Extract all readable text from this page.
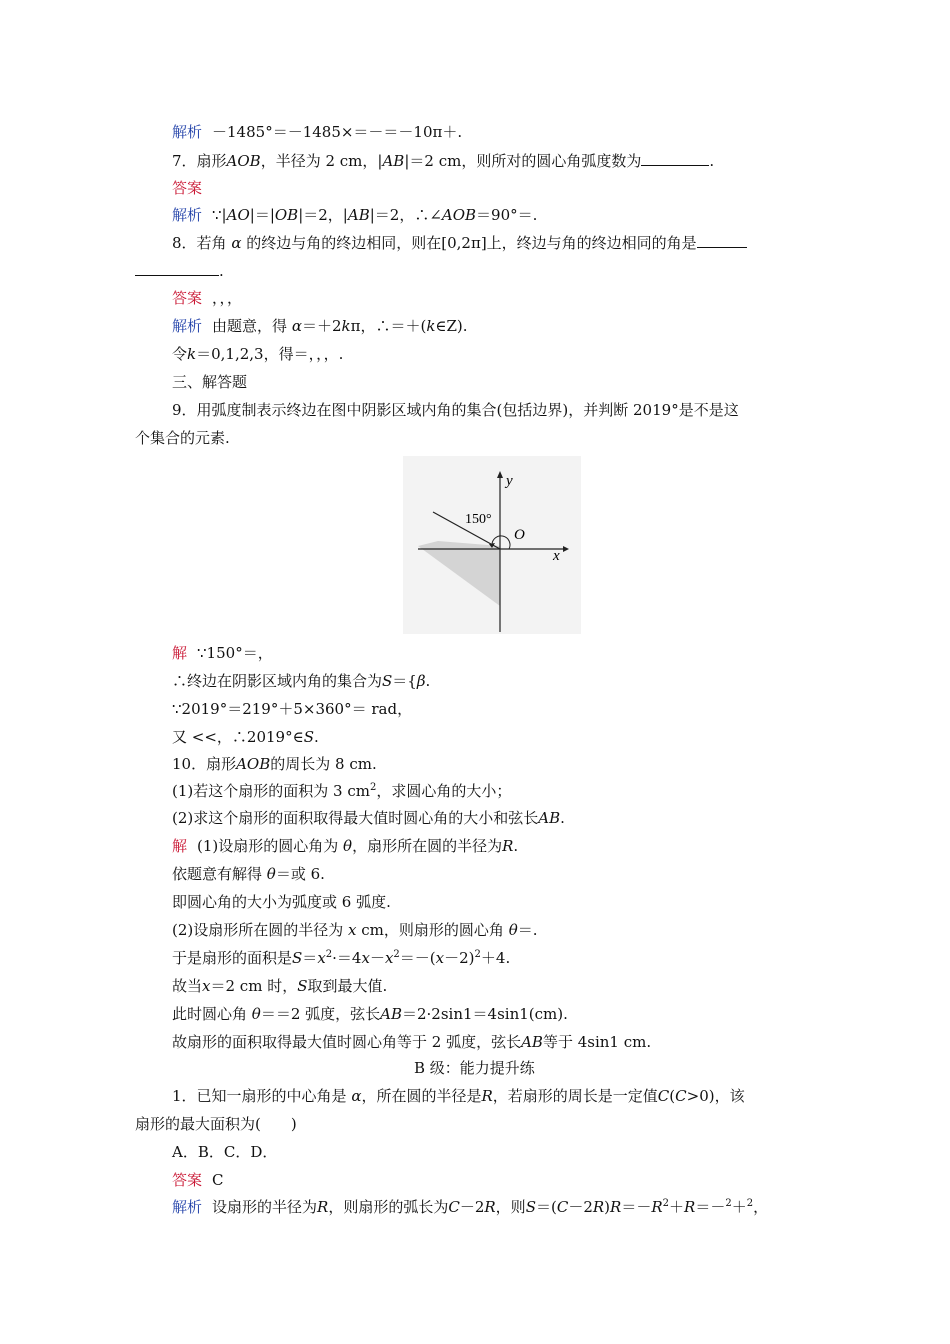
解析 －1485°＝－1485×＝－＝－10π＋.
7．扇形AOB，半径为 2 cm，|AB|＝2 cm，则所对的圆心角弧度数为	.
答案
解析 ∵|AO|＝|OB|＝2，|AB|＝2，∴∠AOB＝90°＝.
8．若角 α 的终边与角的终边相同，则在[0,2π]上，终边与角的终边相同的角是
.
答案 ，，，
解析 由题意，得 α＝＋2kπ，∴＝＋(k∈Z).
令k＝0,1,2,3，得＝，，，.
三、解答题
9．用弧度制表示终边在图中阴影区域内角的集合(包括边界)，并判断 2019°是不是这
个集合的元素.
150°
O
x
y
解 ∵150°＝，
∴终边在阴影区域内角的集合为S＝{β.
∵2019°＝219°＋5×360°＝ rad，
又 <<，∴2019°∈S.
10．扇形AOB的周长为 8 cm.
(1)若这个扇形的面积为 3 $cm^2$，求圆心角的大小；
(2)求这个扇形的面积取得最大值时圆心角的大小和弦长AB.
解 (1)设扇形的圆心角为 θ，扇形所在圆的半径为R.
依题意有解得 θ＝或 6.
即圆心角的大小为弧度或 6 弧度.
(2)设扇形所在圆的半径为 x cm，则扇形的圆心角 θ＝.
于是扇形的面积是$S=x^2\cdot=4x-x^2=-(x-2)^2+4$.
故当x＝2 cm 时，S取到最大值.
此时圆心角 θ＝＝2 弧度，弦长AB＝2·2sin1＝4sin1(cm).
故扇形的面积取得最大值时圆心角等于 2 弧度，弦长AB等于 4sin1 cm.
B 级：能力提升练
1．已知一扇形的中心角是 α，所在圆的半径是R，若扇形的周长是一定值C(C>0)，该
扇形的最大面积为(　　)
A．B．C．D．
答案 C
解析 设扇形的半径为R，则扇形的弧长为C－2R，则$S=(C-2R)R=-R^2+R=-^2+^2$，
